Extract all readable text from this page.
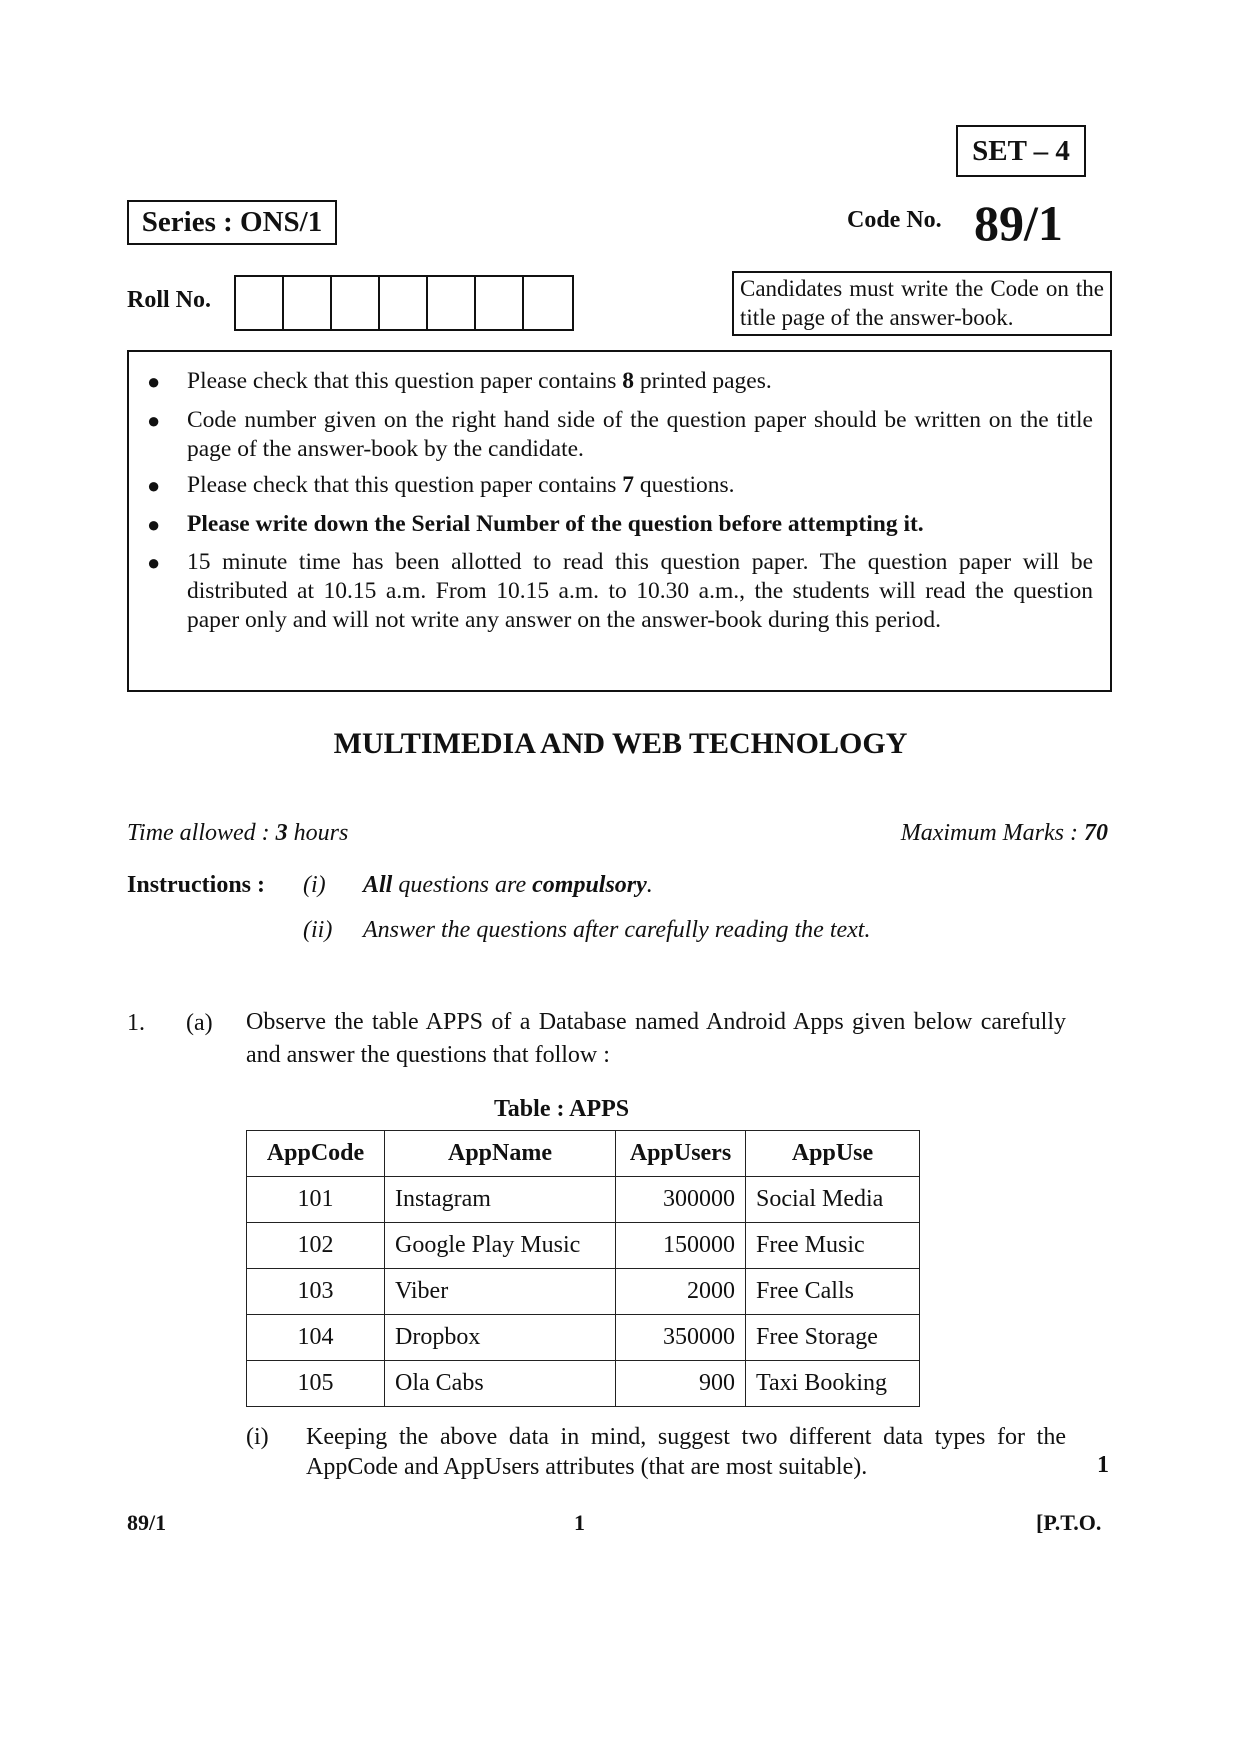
SET – 4
Series : ONS/1	Code No. 89/1
Roll No.	Candidates must write the Code on the title page of the answer-book.
● Please check that this question paper contains 8 printed pages.
● Code number given on the right hand side of the question paper should be written on the title page of the answer-book by the candidate.
● Please check that this question paper contains 7 questions.
● Please write down the Serial Number of the question before attempting it.
● 15 minute time has been allotted to read this question paper. The question paper will be distributed at 10.15 a.m. From 10.15 a.m. to 10.30 a.m., the students will read the question paper only and will not write any answer on the answer-book during this period.
MULTIMEDIA AND WEB TECHNOLOGY
Time allowed : 3 hours	Maximum Marks : 70
Instructions : (i) All questions are compulsory.
(ii) Answer the questions after carefully reading the text.
1. (a) Observe the table APPS of a Database named Android Apps given below carefully and answer the questions that follow :
Table : APPS
AppCode	AppName	AppUsers	AppUse
101	Instagram	300000	Social Media
102	Google Play Music	150000	Free Music
103	Viber	2000	Free Calls
104	Dropbox	350000	Free Storage
105	Ola Cabs	900	Taxi Booking
(i) Keeping the above data in mind, suggest two different data types for the AppCode and AppUsers attributes (that are most suitable).	1
89/1	1	[P.T.O.
